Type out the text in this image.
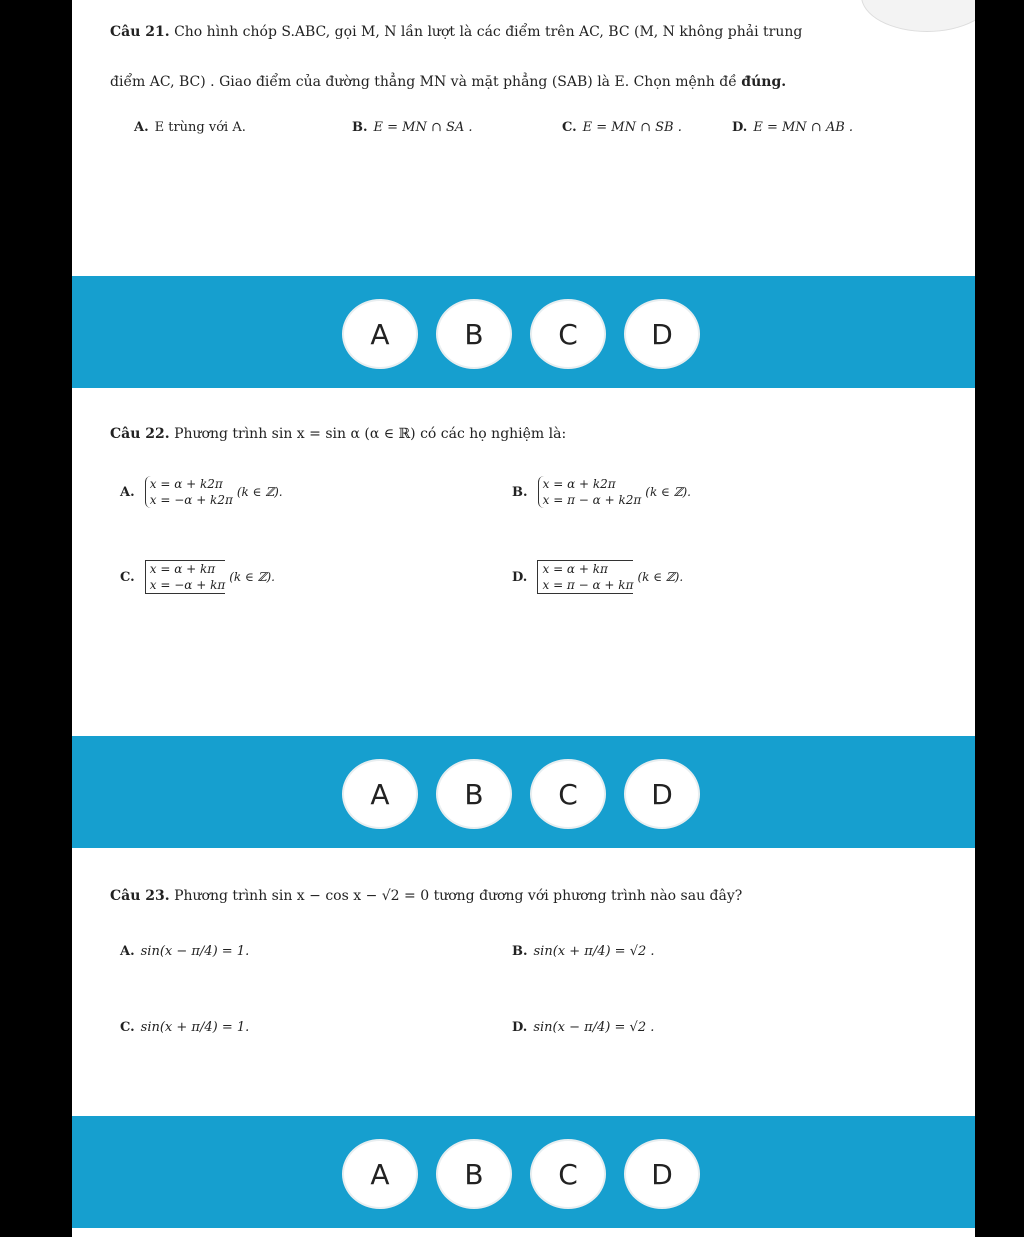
Câu 21. Cho hình chóp S.ABC, gọi M, N lần lượt là các điểm trên AC, BC (M, N không phải trung
điểm AC, BC) . Giao điểm của đường thẳng MN và mặt phẳng (SAB) là E. Chọn mệnh đề đúng.
A. E trùng với A.	B. E = MN ∩ SA .	C. E = MN ∩ SB .	D. E = MN ∩ AB .
A	B	C	D
Câu 22. Phương trình sin x = sin α (α ∈ ℝ) có các họ nghiệm là:
A. x = α + k2π
x = −α + k2π(k ∈ ℤ).	B. x = α + k2π
x = π − α + k2π(k ∈ ℤ).
C. x = α + kπ
x = −α + kπ(k ∈ ℤ).	D. x = α + kπ
x = π − α + kπ(k ∈ ℤ).
A	B	C	D
Câu 23. Phương trình sin x − cos x − √2 = 0 tương đương với phương trình nào sau đây?
A. sin(x − π/4) = 1.	B. sin(x + π/4) = √2 .
C. sin(x + π/4) = 1.	D. sin(x − π/4) = √2 .
A	B	C	D
